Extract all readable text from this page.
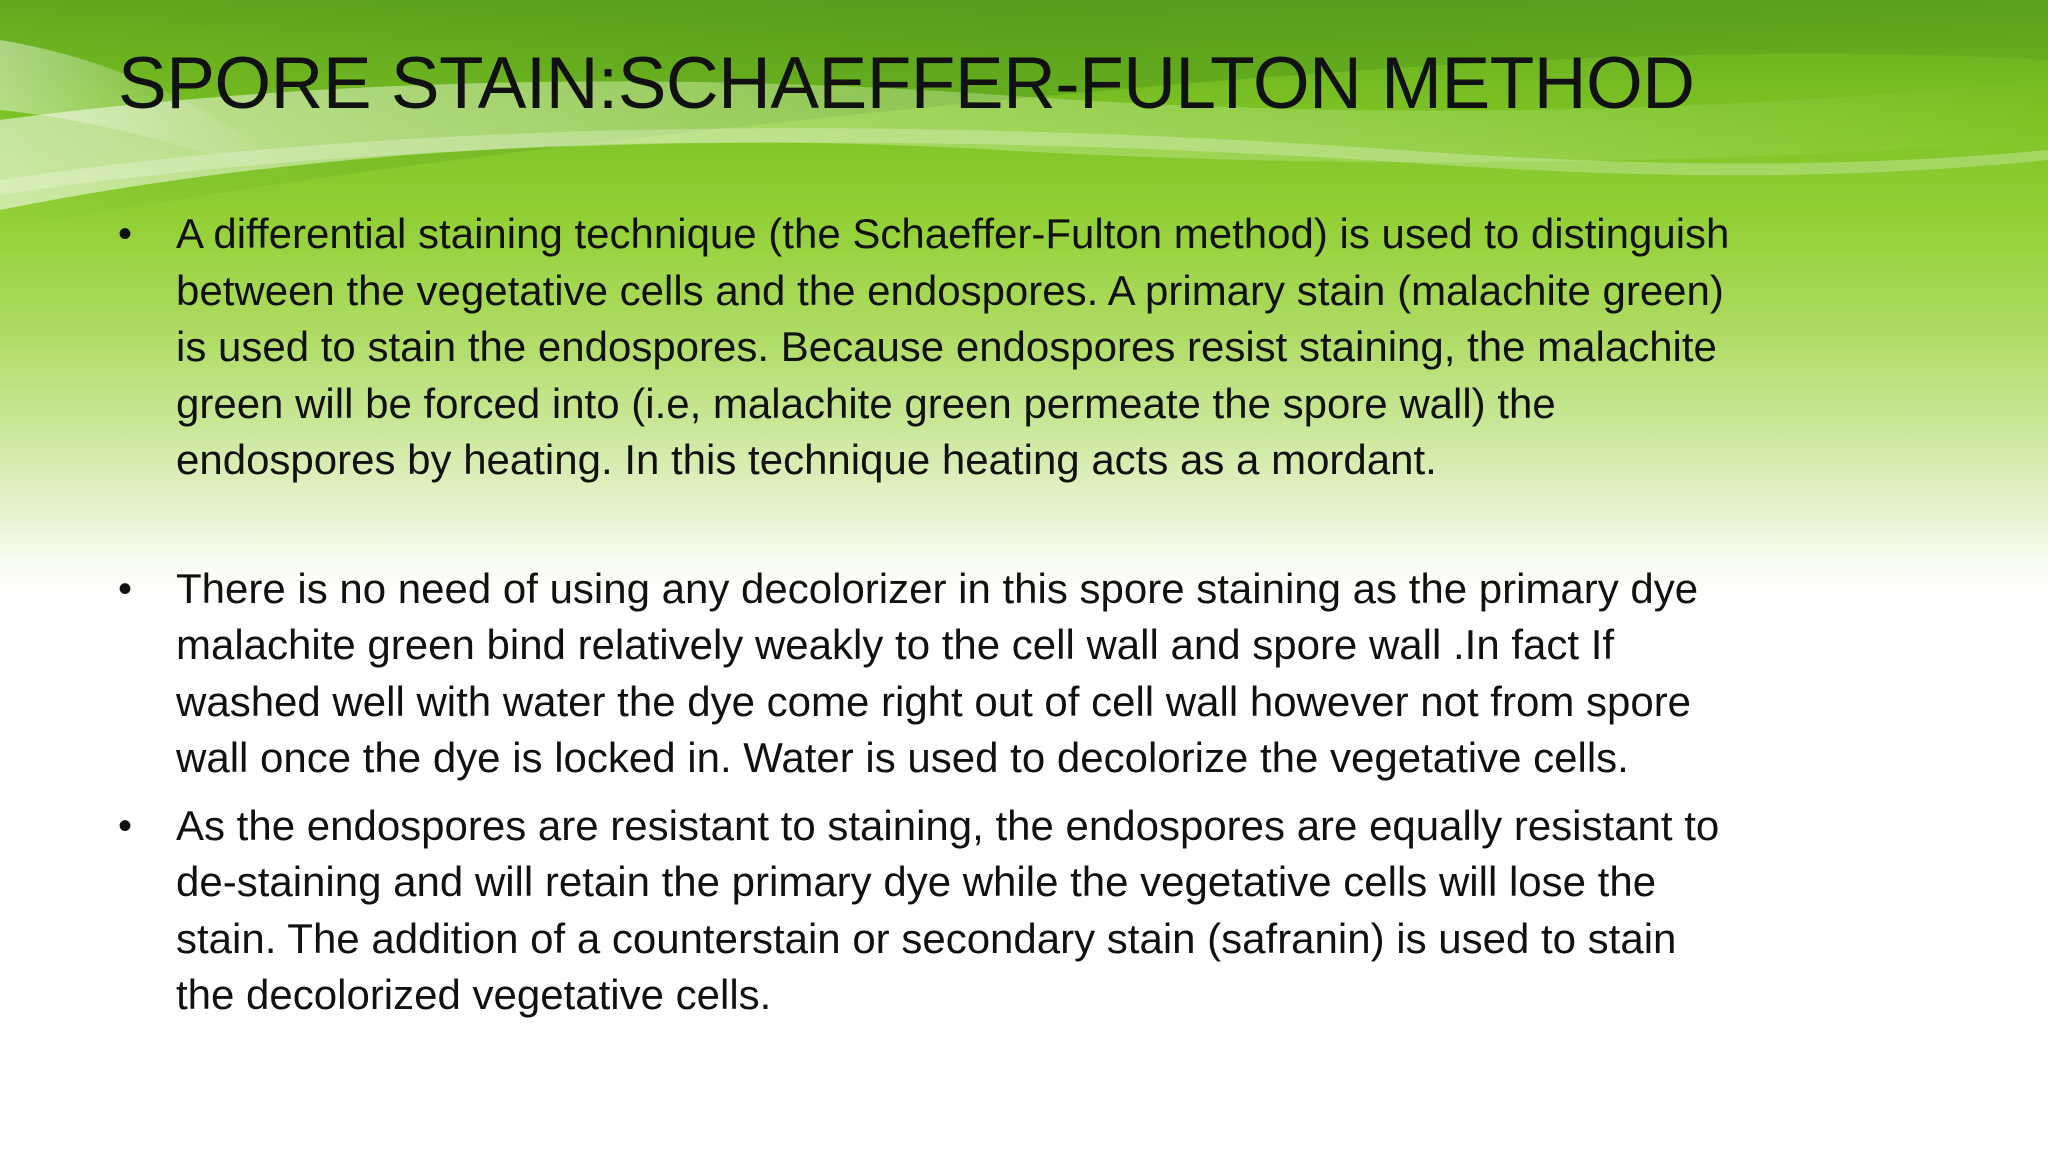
SPORE STAIN:SCHAEFFER-FULTON METHOD
•	A differential staining technique (the Schaeffer-Fulton method) is used to distinguish
between the vegetative cells and the endospores. A primary stain (malachite green)
is used to stain the endospores. Because endospores resist staining, the malachite
green will be forced into (i.e, malachite green permeate the spore wall) the
endospores by heating. In this technique heating acts as a mordant.
•	There is no need of using any decolorizer in this spore staining as the primary dye
malachite green bind relatively weakly to the cell wall and spore wall .In fact If
washed well with water the dye come right out of cell wall however not from spore
wall once the dye is locked in. Water is used to decolorize the vegetative cells.
•	As the endospores are resistant to staining, the endospores are equally resistant to
de-staining and will retain the primary dye while the vegetative cells will lose the
stain. The addition of a counterstain or secondary stain (safranin) is used to stain
the decolorized vegetative cells.
